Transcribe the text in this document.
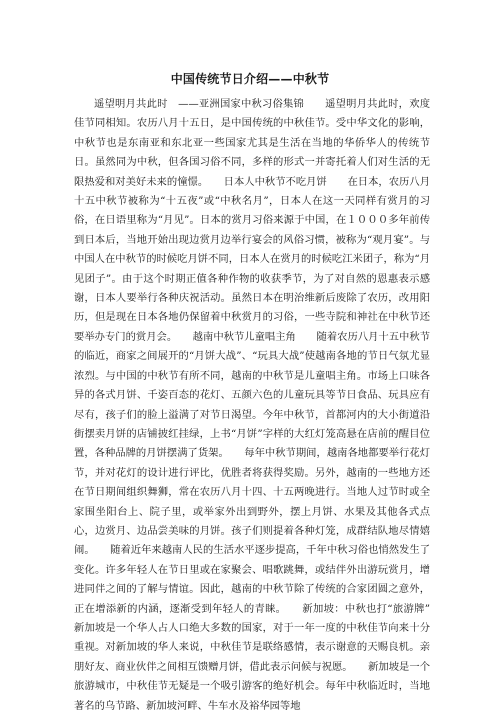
中国传统节日介绍——中秋节

遥望明月共此时　——亚洲国家中秋习俗集锦　　遥望明月共此时，欢度佳节同相知。农历八月十五日，是中国传统的中秋佳节。受中华文化的影响，中秋节也是东南亚和东北亚一些国家尤其是生活在当地的华侨华人的传统节日。虽然同为中秋，但各国习俗不同，多样的形式一并寄托着人们对生活的无限热爱和对美好未来的憧憬。　　日本人中秋节不吃月饼　　在日本，农历八月十五中秋节被称为“十五夜”或“中秋名月”，日本人在这一天同样有赏月的习俗，在日语里称为“月见”。日本的赏月习俗来源于中国，在１０００多年前传到日本后，当地开始出现边赏月边举行宴会的风俗习惯，被称为“观月宴”。与中国人在中秋节的时候吃月饼不同，日本人在赏月的时候吃江米团子，称为“月见团子”。由于这个时期正值各种作物的收获季节，为了对自然的恩惠表示感谢，日本人要举行各种庆祝活动。虽然日本在明治维新后废除了农历，改用阳历，但是现在日本各地仍保留着中秋赏月的习俗，一些寺院和神社在中秋节还要举办专门的赏月会。　　越南中秋节儿童唱主角　　随着农历八月十五中秋节的临近，商家之间展开的“月饼大战”、“玩具大战”使越南各地的节日气氛尤显浓烈。与中国的中秋节有所不同，越南的中秋节是儿童唱主角。市场上口味各异的各式月饼、千姿百态的花灯、五颜六色的儿童玩具等节日食品、玩具应有尽有，孩子们的脸上溢满了对节日渴望。今年中秋节，首都河内的大小街道沿街摆卖月饼的店铺披红挂绿，上书“月饼”字样的大红灯笼高悬在店前的醒目位置，各种品牌的月饼摆满了货架。　　每年中秋节期间，越南各地都要举行花灯节，并对花灯的设计进行评比，优胜者将获得奖励。另外，越南的一些地方还在节日期间组织舞狮，常在农历八月十四、十五两晚进行。当地人过节时或全家围坐阳台上、院子里，或举家外出到野外，摆上月饼、水果及其他各式点心，边赏月、边品尝美味的月饼。孩子们则提着各种灯笼，成群结队地尽情嬉闹。　　随着近年来越南人民的生活水平逐步提高，千年中秋习俗也悄然发生了变化。许多年轻人在节日里或在家聚会、唱歌跳舞，或结伴外出游玩赏月，增进同伴之间的了解与情谊。因此，越南的中秋节除了传统的合家团圆之意外，正在增添新的内涵，逐渐受到年轻人的青睐。　　新加坡：中秋也打“旅游牌”　　新加坡是一个华人占人口绝大多数的国家，对于一年一度的中秋佳节向来十分重视。对新加坡的华人来说，中秋佳节是联络感情，表示谢意的天赐良机。亲朋好友、商业伙伴之间相互馈赠月饼，借此表示问候与祝愿。　　新加坡是一个旅游城市，中秋佳节无疑是一个吸引游客的绝好机会。每年中秋临近时，当地著名的乌节路、新加坡河畔、牛车水及裕华园等地
